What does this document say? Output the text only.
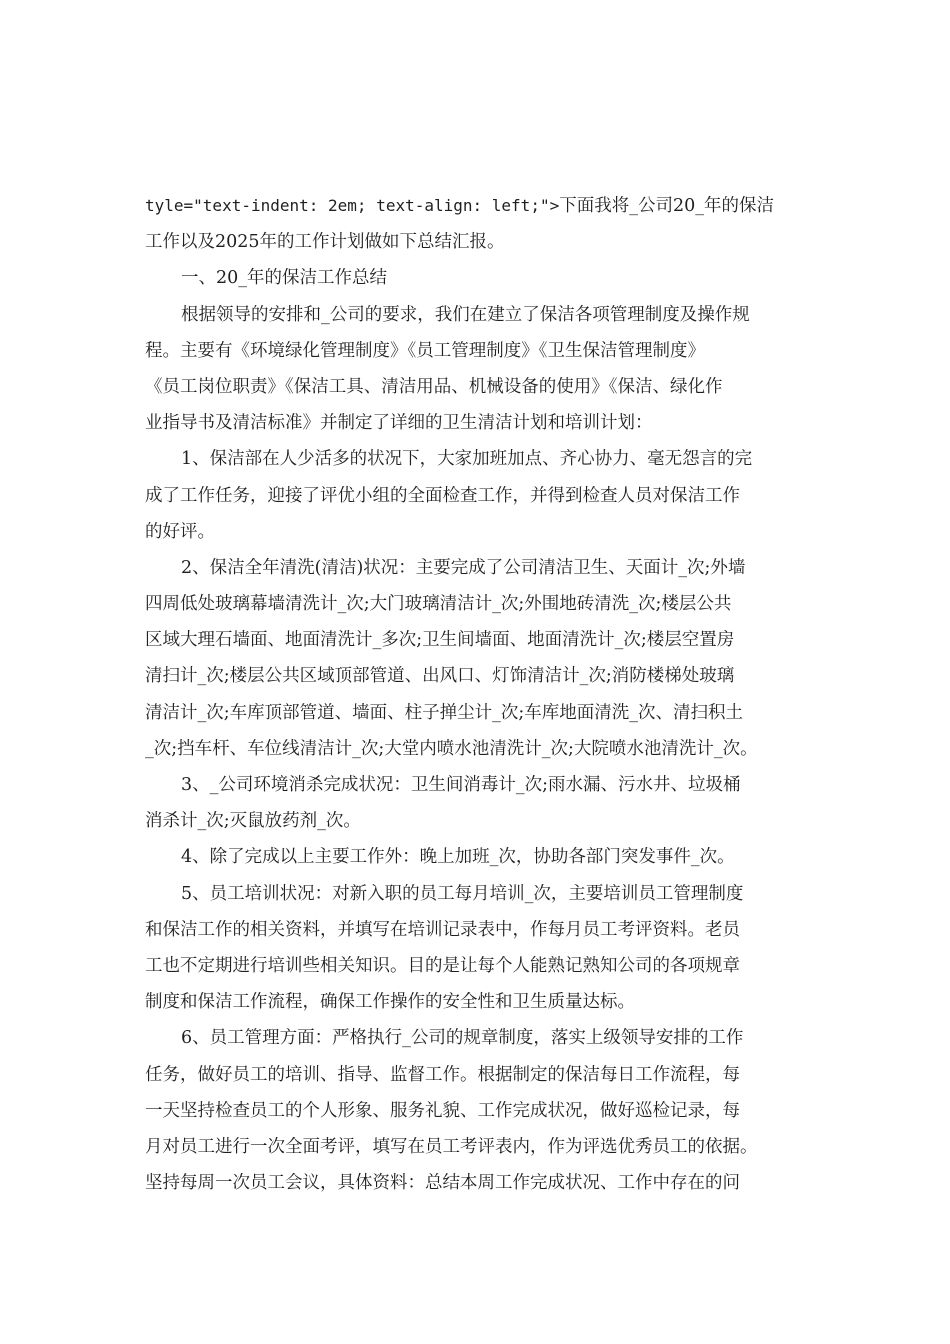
tyle="text-indent: 2em; text-align: left;">下面我将_公司20_年的保洁
工作以及2025年的工作计划做如下总结汇报。
一、20_年的保洁工作总结
根据领导的安排和_公司的要求，我们在建立了保洁各项管理制度及操作规
程。主要有《环境绿化管理制度》《员工管理制度》《卫生保洁管理制度》
《员工岗位职责》《保洁工具、清洁用品、机械设备的使用》《保洁、绿化作
业指导书及清洁标准》并制定了详细的卫生清洁计划和培训计划：
1、保洁部在人少活多的状况下，大家加班加点、齐心协力、毫无怨言的完
成了工作任务，迎接了评优小组的全面检查工作，并得到检查人员对保洁工作
的好评。
2、保洁全年清洗(清洁)状况：主要完成了公司清洁卫生、天面计_次;外墙
四周低处玻璃幕墙清洗计_次;大门玻璃清洁计_次;外围地砖清洗_次;楼层公共
区域大理石墙面、地面清洗计_多次;卫生间墙面、地面清洗计_次;楼层空置房
清扫计_次;楼层公共区域顶部管道、出风口、灯饰清洁计_次;消防楼梯处玻璃
清洁计_次;车库顶部管道、墙面、柱子掸尘计_次;车库地面清洗_次、清扫积土
_次;挡车杆、车位线清洁计_次;大堂内喷水池清洗计_次;大院喷水池清洗计_次。
3、_公司环境消杀完成状况：卫生间消毒计_次;雨水漏、污水井、垃圾桶
消杀计_次;灭鼠放药剂_次。
4、除了完成以上主要工作外：晚上加班_次，协助各部门突发事件_次。
5、员工培训状况：对新入职的员工每月培训_次，主要培训员工管理制度
和保洁工作的相关资料，并填写在培训记录表中，作每月员工考评资料。老员
工也不定期进行培训些相关知识。目的是让每个人能熟记熟知公司的各项规章
制度和保洁工作流程，确保工作操作的安全性和卫生质量达标。
6、员工管理方面：严格执行_公司的规章制度，落实上级领导安排的工作
任务，做好员工的培训、指导、监督工作。根据制定的保洁每日工作流程，每
一天坚持检查员工的个人形象、服务礼貌、工作完成状况，做好巡检记录，每
月对员工进行一次全面考评，填写在员工考评表内，作为评选优秀员工的依据。
坚持每周一次员工会议，具体资料：总结本周工作完成状况、工作中存在的问
